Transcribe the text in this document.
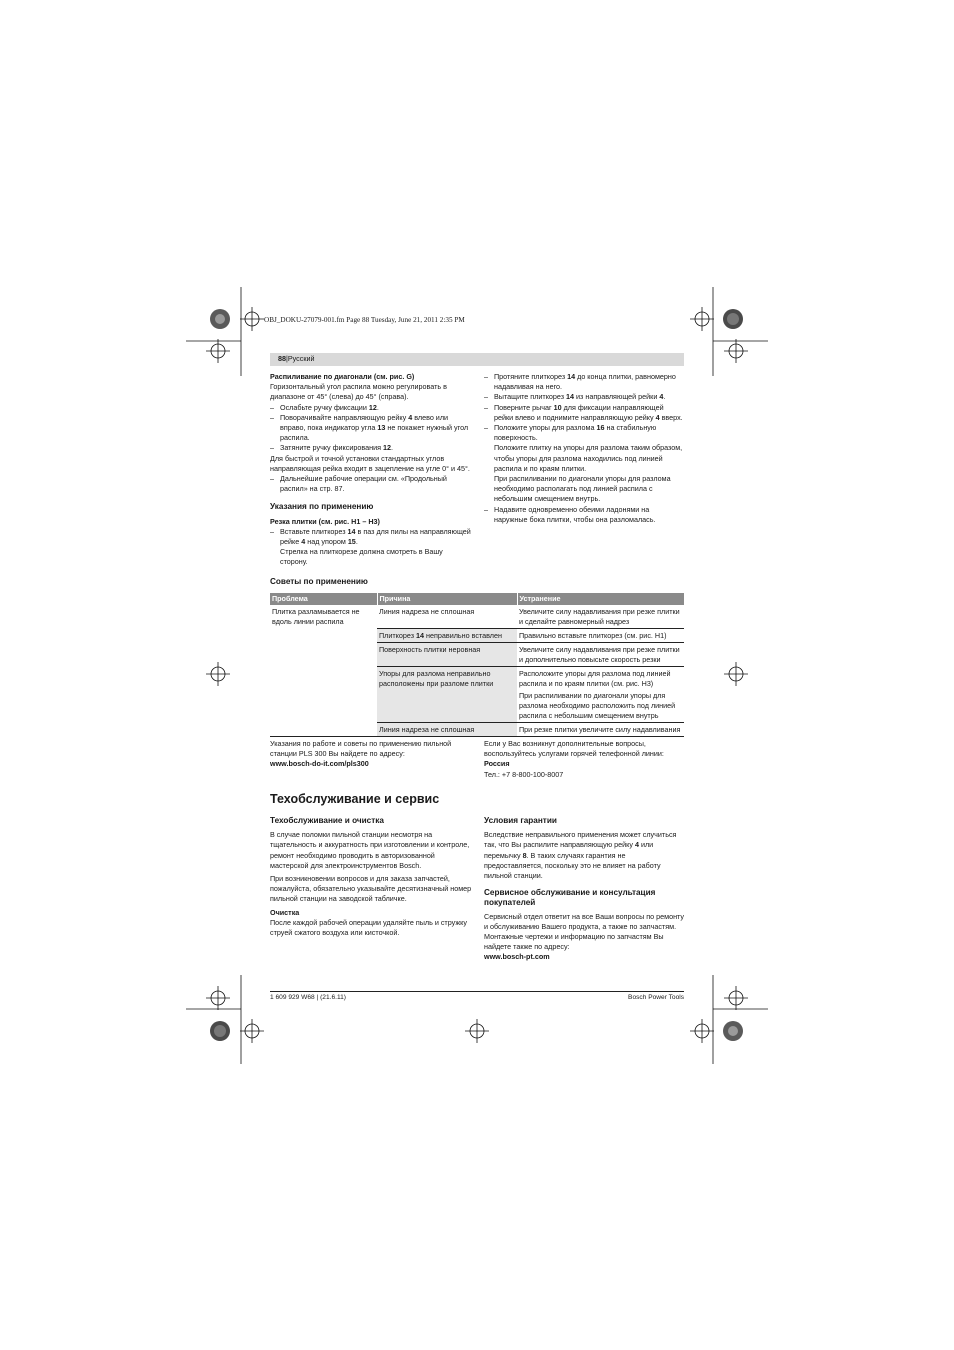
OBJ_DOKU-27079-001.fm Page 88 Tuesday, June 21, 2011 2:35 PM
88|Русский
Распиливание по диагонали (см. рис. G)
Горизонтальный угол распила можно регулировать в диапазоне от 45° (слева) до 45° (справа).
– Ослабьте ручку фиксации 12.
– Поворачивайте направляющую рейку 4 влево или вправо, пока индикатор угла 13 не покажет нужный угол распила.
– Затяните ручку фиксирования 12.
Для быстрой и точной установки стандартных углов направляющая рейка входит в зацепление на угле 0° и 45°.
– Дальнейшие рабочие операции см. «Продольный распил» на стр. 87.
Указания по применению
Резка плитки (см. рис. H1 – H3)
– Вставьте плиткорез 14 в паз для пилы на направляющей рейке 4 над упором 15.
Стрелка на плиткорезе должна смотреть в Вашу сторону.
– Протяните плиткорез 14 до конца плитки, равномерно надавливая на него.
– Вытащите плиткорез 14 из направляющей рейки 4.
– Поверните рычаг 10 для фиксации направляющей рейки влево и поднимите направляющую рейку 4 вверх.
– Положите упоры для разлома 16 на стабильную поверхность.
Положите плитку на упоры для разлома таким образом, чтобы упоры для разлома находились под линией распила и по краям плитки.
При распиливании по диагонали упоры для разлома необходимо располагать под линией распила с небольшим смещением внутрь.
– Надавите одновременно обеими ладонями на наружные бока плитки, чтобы она разломалась.
Советы по применению
Проблема	Причина	Устранение
Плитка разламывается не вдоль линии распила	Линия надреза не сплошная	Увеличите силу надавливания при резке плитки и сделайте равномерный надрез
	Плиткорез 14 неправильно вставлен	Правильно вставьте плиткорез (см. рис. H1)
	Поверхность плитки неровная	Увеличите силу надавливания при резке плитки и дополнительно повысьте скорость резки
	Упоры для разлома неправильно расположены при разломе плитки	Расположите упоры для разлома под линией распила и по краям плитки (см. рис. H3)
При распиливании по диагонали упоры для разлома необходимо расположить под линией распила с небольшим смещением внутрь

	Линия надреза не сплошная	При резке плитки увеличите силу надавливания
Указания по работе и советы по применению пильной станции PLS 300 Вы найдете по адресу:
www.bosch-do-it.com/pls300
Если у Вас возникнут дополнительные вопросы, воспользуйтесь услугами горячей телефонной линии:
Россия
Тел.: +7 8-800-100-8007
Техобслуживание и сервис
Техобслуживание и очистка
В случае поломки пильной станции несмотря на тщательность и аккуратность при изготовлении и контроле, ремонт необходимо проводить в авторизованной мастерской для электроинструментов Bosch.
При возникновении вопросов и для заказа запчастей, пожалуйста, обязательно указывайте десятизначный номер пильной станции на заводской табличке.
Очистка
После каждой рабочей операции удаляйте пыль и стружку струей сжатого воздуха или кисточкой.
Условия гарантии
Вследствие неправильного применения может случиться так, что Вы распилите направляющую рейку 4 или перемычку 8. В таких случаях гарантия не предоставляется, поскольку это не влияет на работу пильной станции.
Сервисное обслуживание и консультация покупателей
Сервисный отдел ответит на все Ваши вопросы по ремонту и обслуживанию Вашего продукта, а также по запчастям. Монтажные чертежи и информацию по запчастям Вы найдете также по адресу:
www.bosch-pt.com
1 609 929 W68 | (21.6.11)	Bosch Power Tools
